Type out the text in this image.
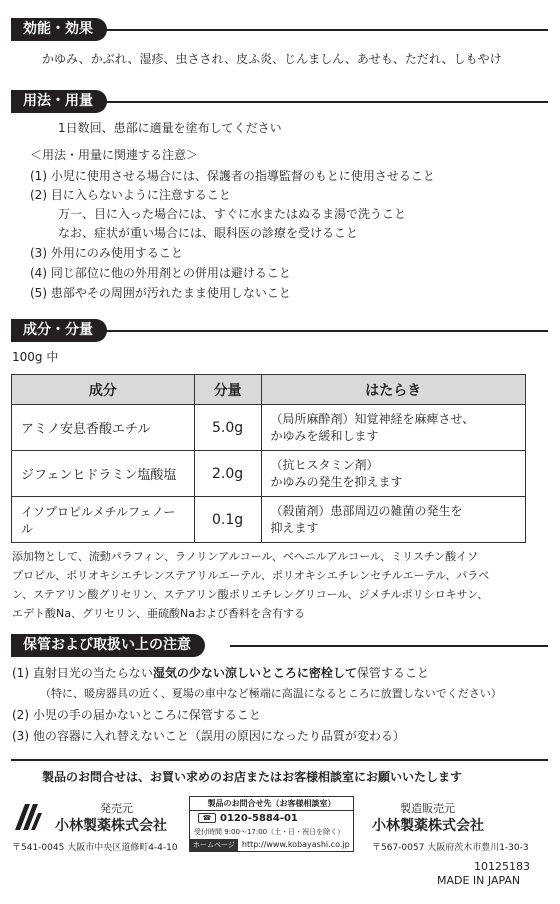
効能・効果
かゆみ、かぶれ、湿疹、虫さされ、皮ふ炎、じんましん、あせも、ただれ、しもやけ
用法・用量
1日数回、患部に適量を塗布してください
＜用法・用量に関連する注意＞
(1) 小児に使用させる場合には、保護者の指導監督のもとに使用させること
(2) 目に入らないように注意すること
万一、目に入った場合には、すぐに水またはぬるま湯で洗うこと
なお、症状が重い場合には、眼科医の診療を受けること
(3) 外用にのみ使用すること
(4) 同じ部位に他の外用剤との併用は避けること
(5) 患部やその周囲が汚れたまま使用しないこと
成分・分量
100g 中
成分	分量	はたらき
アミノ安息香酸エチル	5.0g	（局所麻酔剤）知覚神経を麻痺させ、
かゆみを緩和します

ジフェンヒドラミン塩酸塩	2.0g	（抗ヒスタミン剤）
かゆみの発生を抑えます

イソプロピルメチルフェノール	0.1g	（殺菌剤）患部周辺の雑菌の発生を
抑えます
添加物として、流動パラフィン、ラノリンアルコール、ベヘニルアルコール、ミリスチン酸イソ
プロピル、ポリオキシエチレンステアリルエーテル、ポリオキシエチレンセチルエーテル、パラベ
ン、ステアリン酸グリセリン、ステアリン酸ポリエチレングリコール、ジメチルポリシロキサン、
エデト酸Na、グリセリン、亜硫酸Naおよび香料を含有する
保管および取扱い上の注意
(1) 直射日光の当たらない湿気の少ない涼しいところに密栓して保管すること
（特に、暖房器具の近く、夏場の車中など極端に高温になるところに放置しないでください）
(2) 小児の手の届かないところに保管すること
(3) 他の容器に入れ替えないこと（誤用の原因になったり品質が変わる）
製品のお問合せは、お買い求めのお店またはお客様相談室にお願いいたします
発売元
小林製薬株式会社
〒541-0045 大阪市中央区道修町4-4-10
製品のお問合せ先（お客様相談室）
☎ 0120-5884-01
受付時間 9:00～17:00（土・日・祝日を除く）
ホームページ http://www.kobayashi.co.jp
製造販売元
小林製薬株式会社
〒567-0057 大阪府茨木市豊川1-30-3
10125183
MADE IN JAPAN
